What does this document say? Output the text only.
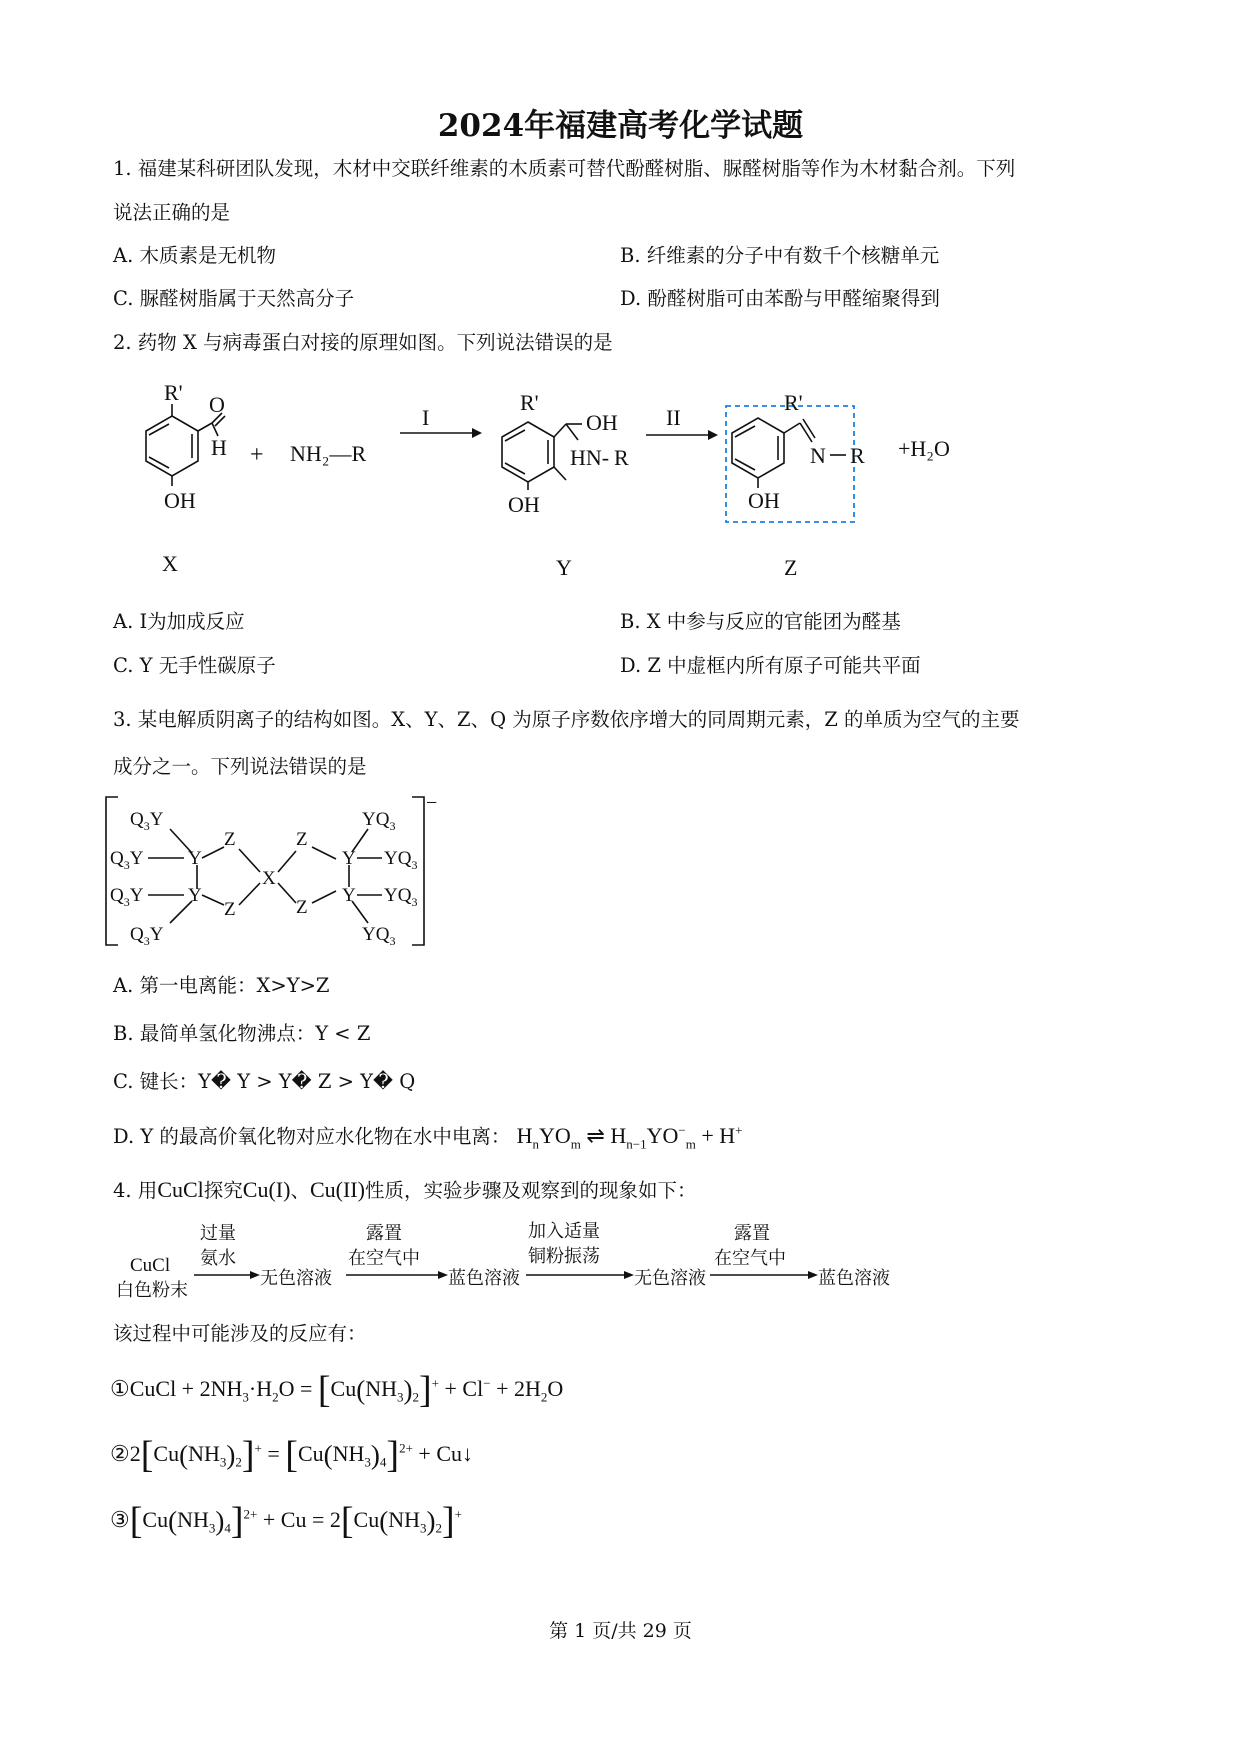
2024年福建高考化学试题
1. 福建某科研团队发现，木材中交联纤维素的木质素可替代酚醛树脂、脲醛树脂等作为木材黏合剂。下列
说法正确的是
A. 木质素是无机物	B. 纤维素的分子中有数千个核糖单元
C. 脲醛树脂属于天然高分子	D. 酚醛树脂可由苯酚与甲醛缩聚得到
2. 药物 X 与病毒蛋白对接的原理如图。下列说法错误的是
R' O
H
OH
X
+ NH₂—R
I
R'
OH
HN- R
OH
Y
II
R'
N R
OH
Z
+H₂O
A. I为加成反应	B. X 中参与反应的官能团为醛基
C. Y 无手性碳原子	D. Z 中虚框内所有原子可能共平面
3. 某电解质阴离子的结构如图。X、Y、Z、Q 为原子序数依序增大的同周期元素，Z 的单质为空气的主要
成分之一。下列说法错误的是
$Q_3Y$
$Q_3Y$ Y
Z
$Q_3Y$ Y
Z
$Q_3Y$
X
Z
Z
Y
Y
$YQ_3$
$YQ_3$
$YQ_3$
$YQ_3$
−
A. 第一电离能：X>Y>Z
B. 最简单氢化物沸点：Y < Z
C. 键长：Y� Y > Y� Z > Y� Q
D. Y 的最高价氧化物对应水化物在水中电离： $H_nYO_m$ ⇌ $H_{n-1}YO^-_m + H^+$
4. 用CuCl探究Cu(I)、Cu(II)性质，实验步骤及观察到的现象如下：
CuCl
白色粉末
过量
氨水
无色溶液
露置
在空气中
蓝色溶液
加入适量
铜粉振荡
无色溶液
露置
在空气中
蓝色溶液
该过程中可能涉及的反应有：
①CuCl + $2NH_3\cdot H_2O = [Cu(NH_3)_2]^+ + Cl^- + 2H_2O$
$②2[Cu(NH_3)_2]^+ = [Cu(NH_3)_4]^{2+}$ + Cu↓
$③[Cu(NH_3)_4]^{2+} + Cu = 2[Cu(NH_3)_2]^+$
第 1 页/共 29 页
